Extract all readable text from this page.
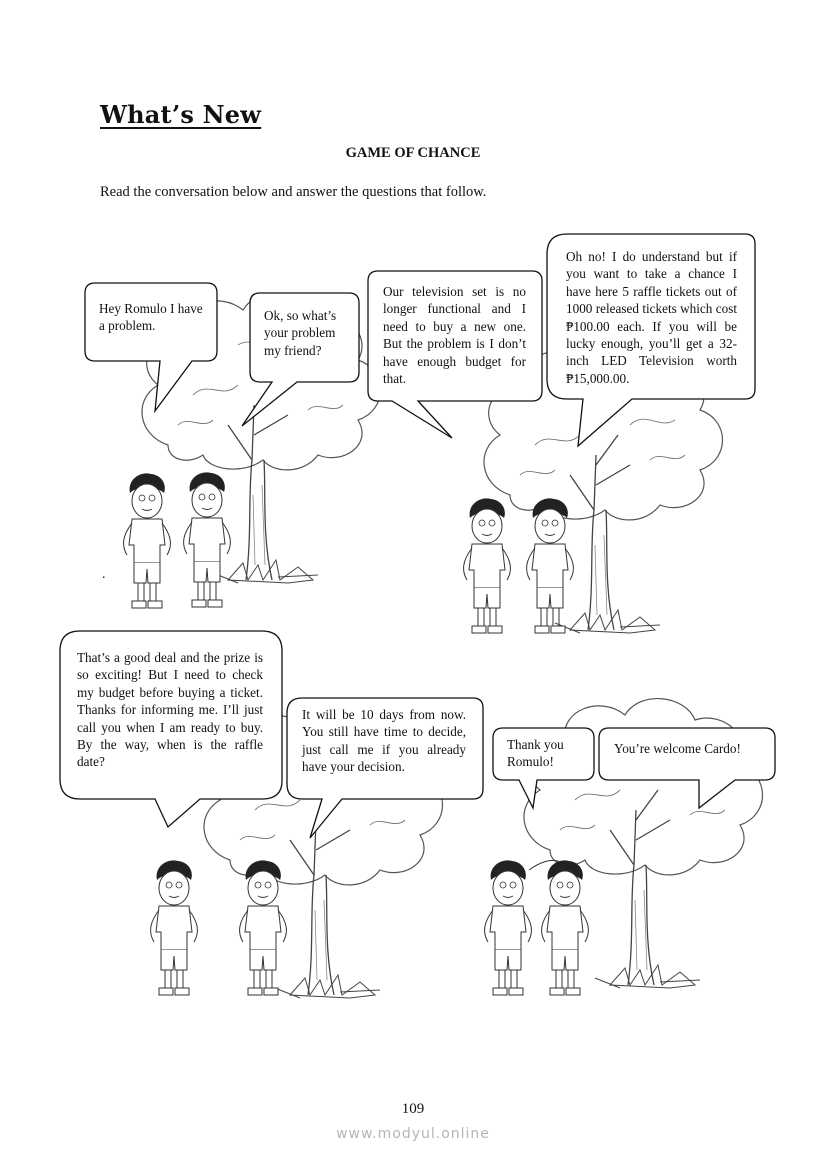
What’s New
GAME OF CHANCE
Read the conversation below and answer the questions that follow.
.
Hey Romulo I have a problem.
Ok, so what’s your problem my friend?
Our television set is no longer functional and I need to buy a new one. But the problem is I don’t have enough budget for that.
Oh no! I do understand but if you want to take a chance I have here 5 raffle tickets out of 1000 released tickets which cost ₱100.00 each. If you will be lucky enough, you’ll get a 32-inch LED Television worth ₱15,000.00.
That’s a good deal and the prize is so exciting! But I need to check my budget before buying a ticket. Thanks for informing me. I’ll just call you when I am ready to buy. By the way, when is the raffle date?
It will be 10 days from now. You still have time to decide, just call me if you already have your decision.
Thank you Romulo!
You’re welcome Cardo!
109
www.modyul.online
